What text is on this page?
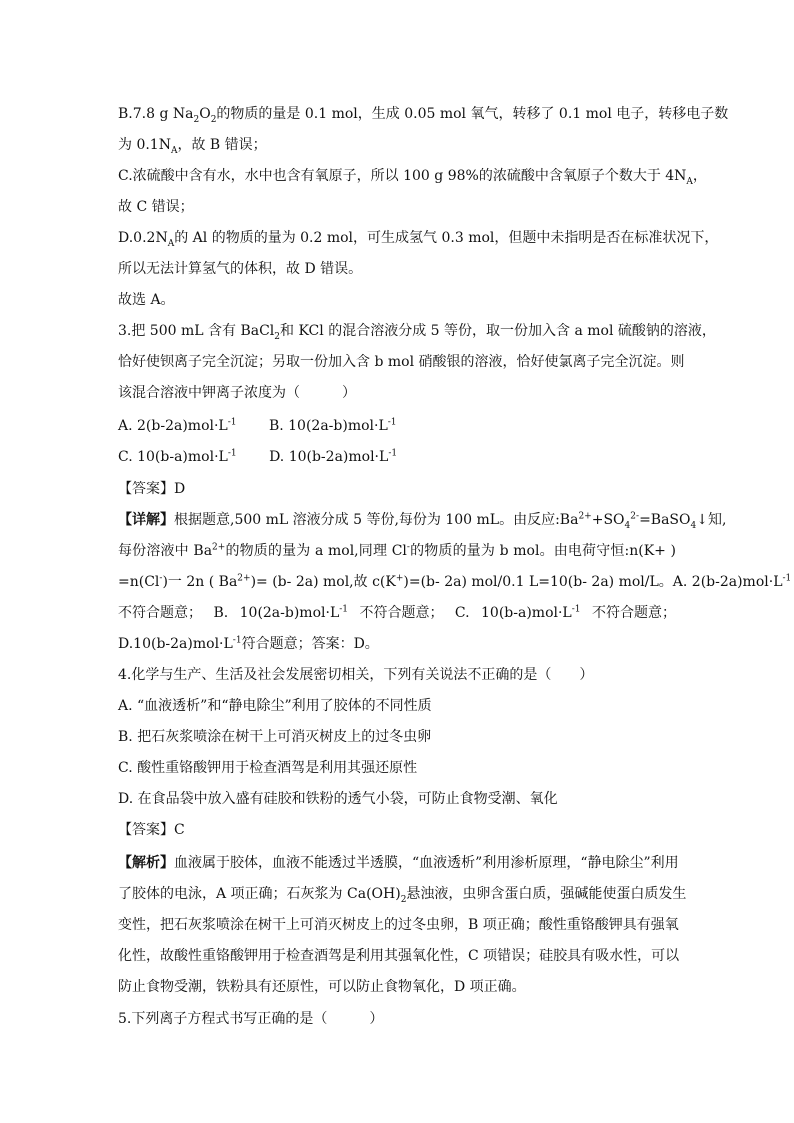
B.7.8 g $Na_2O_2$的物质的量是 0.1 mol，生成 0.05 mol 氧气，转移了 0.1 mol 电子，转移电子数
为 $0.1N_A$，故 B 错误；
C.浓硫酸中含有水，水中也含有氧原子，所以 100 g 98%的浓硫酸中含氧原子个数大于 $4N_A$，
故 C 错误；
$D.0.2N_A$的 Al 的物质的量为 0.2 mol，可生成氢气 0.3 mol，但题中未指明是否在标准状况下，
所以无法计算氢气的体积，故 D 错误。
故选 A。
3.把 500 mL 含有 BaCl$_2$和 KCl 的混合溶液分成 5 等份，取一份加入含 a mol 硫酸钠的溶液，
恰好使钡离子完全沉淀；另取一份加入含 b mol 硝酸银的溶液，恰好使氯离子完全沉淀。则
该混合溶液中钾离子浓度为（　　　）
A. $2(b-2a)mol\cdot L^{-1}$ B. $10(2a-b)mol\cdot L^{-1}$
C. $10(b-a)mol\cdot L^{-1}$ D. $10(b-2a)mol\cdot L^{-1}$
【答案】D
【详解】根据题意,500 mL 溶液分成 5 等份,每份为 100 mL。由反应$:Ba^{2+}+SO_4^{2-}=BaSO_4↓$知,
每份溶液中 $Ba^{2+}$的物质的量为 a mol,同理 Cl-的物质的量为 b mol。由电荷守恒:n(K+ )
=n(Cl-)一 2n ( $Ba^{2+})= (b-$ 2a) mol,故 c(K+)=(b- 2a) mol/0.1 L=10(b- 2a) mol/L。A. $2(b-2a)mol\cdot L^{-1}$
不符合题意； B. $10(2a-b)mol\cdot L^{-1}$ 不符合题意； C. $10(b-a)mol\cdot L^{-1}$ 不符合题意；
$D.10(b-2a)mol\cdot L^{-1}$符合题意；答案：D。
4.化学与生产、生活及社会发展密切相关，下列有关说法不正确的是（　　）
A. “血液透析”和“静电除尘”利用了胶体的不同性质
B. 把石灰浆喷涂在树干上可消灭树皮上的过冬虫卵
C. 酸性重铬酸钾用于检查酒驾是利用其强还原性
D. 在食品袋中放入盛有硅胶和铁粉的透气小袋，可防止食物受潮、氧化
【答案】C
【解析】血液属于胶体，血液不能透过半透膜，“血液透析”利用渗析原理，“静电除尘”利用
了胶体的电泳，A 项正确；石灰浆为 $Ca(OH)_2$悬浊液，虫卵含蛋白质，强碱能使蛋白质发生
变性，把石灰浆喷涂在树干上可消灭树皮上的过冬虫卵，B 项正确；酸性重铬酸钾具有强氧
化性，故酸性重铬酸钾用于检查酒驾是利用其强氧化性，C 项错误；硅胶具有吸水性，可以
防止食物受潮，铁粉具有还原性，可以防止食物氧化，D 项正确。
5.下列离子方程式书写正确的是（　　　）
